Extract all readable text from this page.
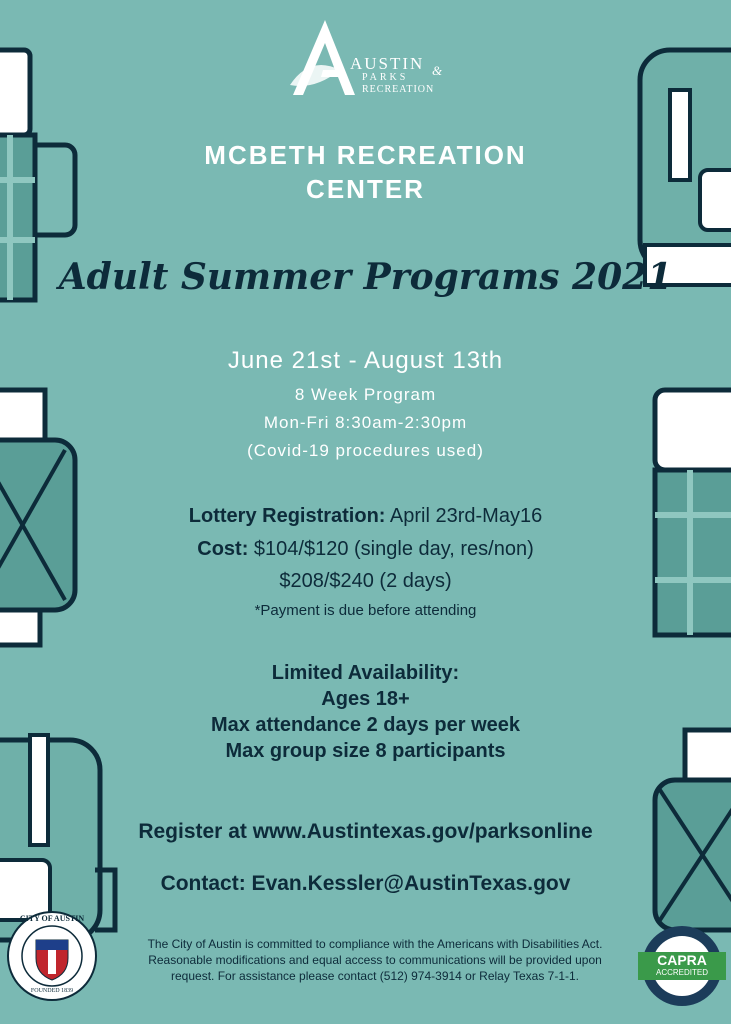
AUSTIN
PARKS &
RECREATION
MCBETH RECREATION
CENTER
Adult Summer Programs 2021
June 21st - August 13th
8 Week Program
Mon-Fri 8:30am-2:30pm
(Covid-19 procedures used)
Lottery Registration: April 23rd-May16
Cost: $104/$120 (single day, res/non)
$208/$240 (2 days)
*Payment is due before attending
Limited Availability:
Ages 18+
Max attendance 2 days per week
Max group size 8 participants
Register at www.Austintexas.gov/parksonline
Contact: Evan.Kessler@AustinTexas.gov
The City of Austin is committed to compliance with the Americans with Disabilities Act. Reasonable modifications and equal access to communications will be provided upon request. For assistance please contact (512) 974-3914 or Relay Texas 7-1-1.
CITY OF AUSTIN
FOUNDED 1839
CAPRA
ACCREDITED
